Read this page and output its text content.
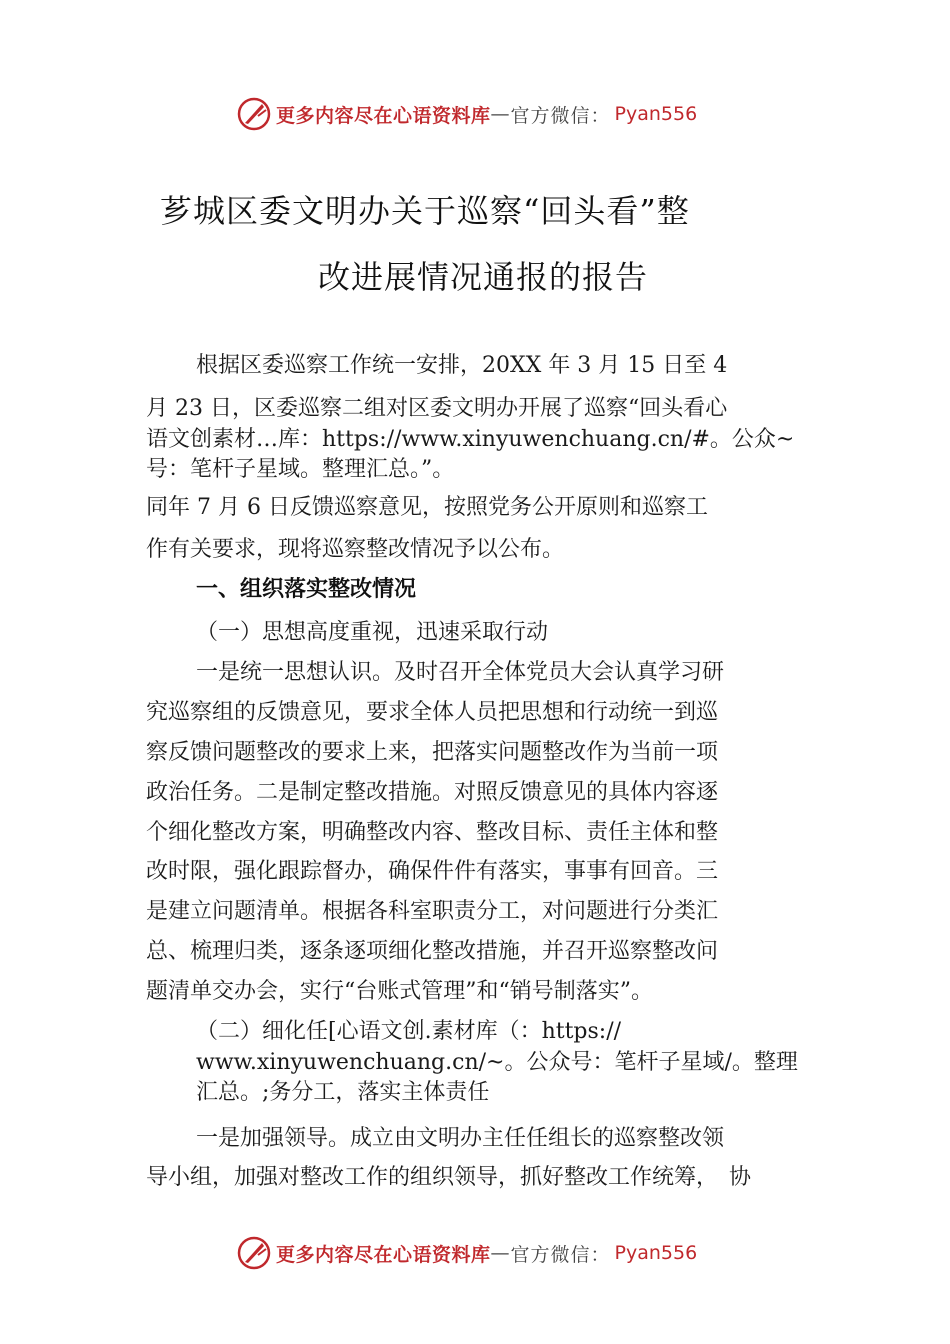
更多内容尽在心语资料库 — 官方微信： Pyan556
芗城区委文明办关于巡察“回头看”整
改进展情况通报的报告
根据区委巡察工作统一安排，20XX 年 3 月 15 日至 4
月 23 日，区委巡察二组对区委文明办开展了巡察“回头看心
语文创素材…库：https://www.xinyuwenchuang.cn/#。公众~
号：笔杆子星域。整理汇总。”。
同年 7 月 6 日反馈巡察意见，按照党务公开原则和巡察工
作有关要求，现将巡察整改情况予以公布。
一、组织落实整改情况
（一）思想高度重视，迅速采取行动
一是统一思想认识。及时召开全体党员大会认真学习研
究巡察组的反馈意见，要求全体人员把思想和行动统一到巡
察反馈问题整改的要求上来，把落实问题整改作为当前一项
政治任务。二是制定整改措施。对照反馈意见的具体内容逐
个细化整改方案，明确整改内容、整改目标、责任主体和整
改时限，强化跟踪督办，确保件件有落实，事事有回音。三
是建立问题清单。根据各科室职责分工，对问题进行分类汇
总、梳理归类，逐条逐项细化整改措施，并召开巡察整改问
题清单交办会，实行“台账式管理”和“销号制落实”。
（二）细化任[心语文创.素材库（：https://
www.xinyuwenchuang.cn/~。公众号：笔杆子星域/。整理
汇总。;务分工，落实主体责任
一是加强领导。成立由文明办主任任组长的巡察整改领
导小组，加强对整改工作的组织领导，抓好整改工作统筹，　协
更多内容尽在心语资料库 — 官方微信： Pyan556
